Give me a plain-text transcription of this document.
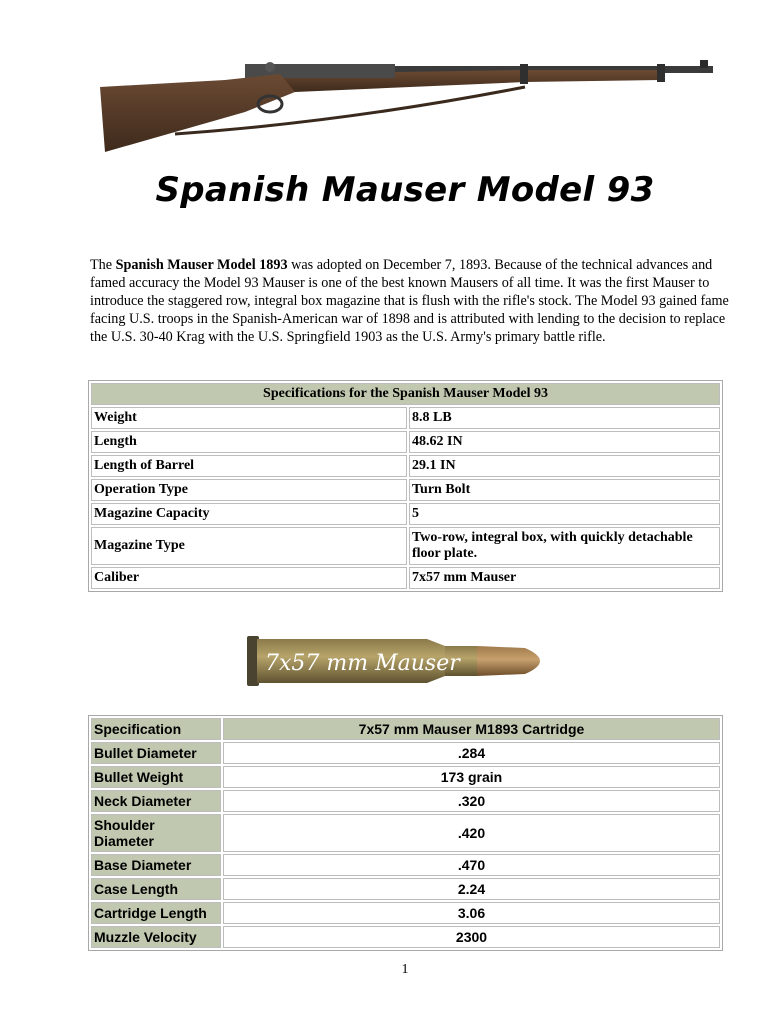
Spanish Mauser Model 93

The Spanish Mauser Model 1893 was adopted on December 7, 1893. Because of the technical advances and famed accuracy the Model 93 Mauser is one of the best known Mausers of all time. It was the first Mauser to introduce the staggered row, integral box magazine that is flush with the rifle's stock. The Model 93 gained fame facing U.S. troops in the Spanish-American war of 1898 and is attributed with lending to the decision to replace the U.S. 30-40 Krag with the U.S. Springfield 1903 as the U.S. Army's primary battle rifle.

Specifications for the Spanish Mauser Model 93	
Weight	8.8 LB
Length	48.62 IN
Length of Barrel	29.1 IN
Operation Type	Turn Bolt
Magazine Capacity	5
Magazine Type	Two-row, integral box, with quickly detachable floor plate.
Caliber	7x57 mm Mauser
7x57 mm Mauser
Specification	7x57 mm Mauser M1893 Cartridge
Bullet Diameter	.284
Bullet Weight	173 grain
Neck Diameter	.320
Shoulder Diameter	.420
Base Diameter	.470
Case Length	2.24
Cartridge Length	3.06
Muzzle Velocity	2300
1
